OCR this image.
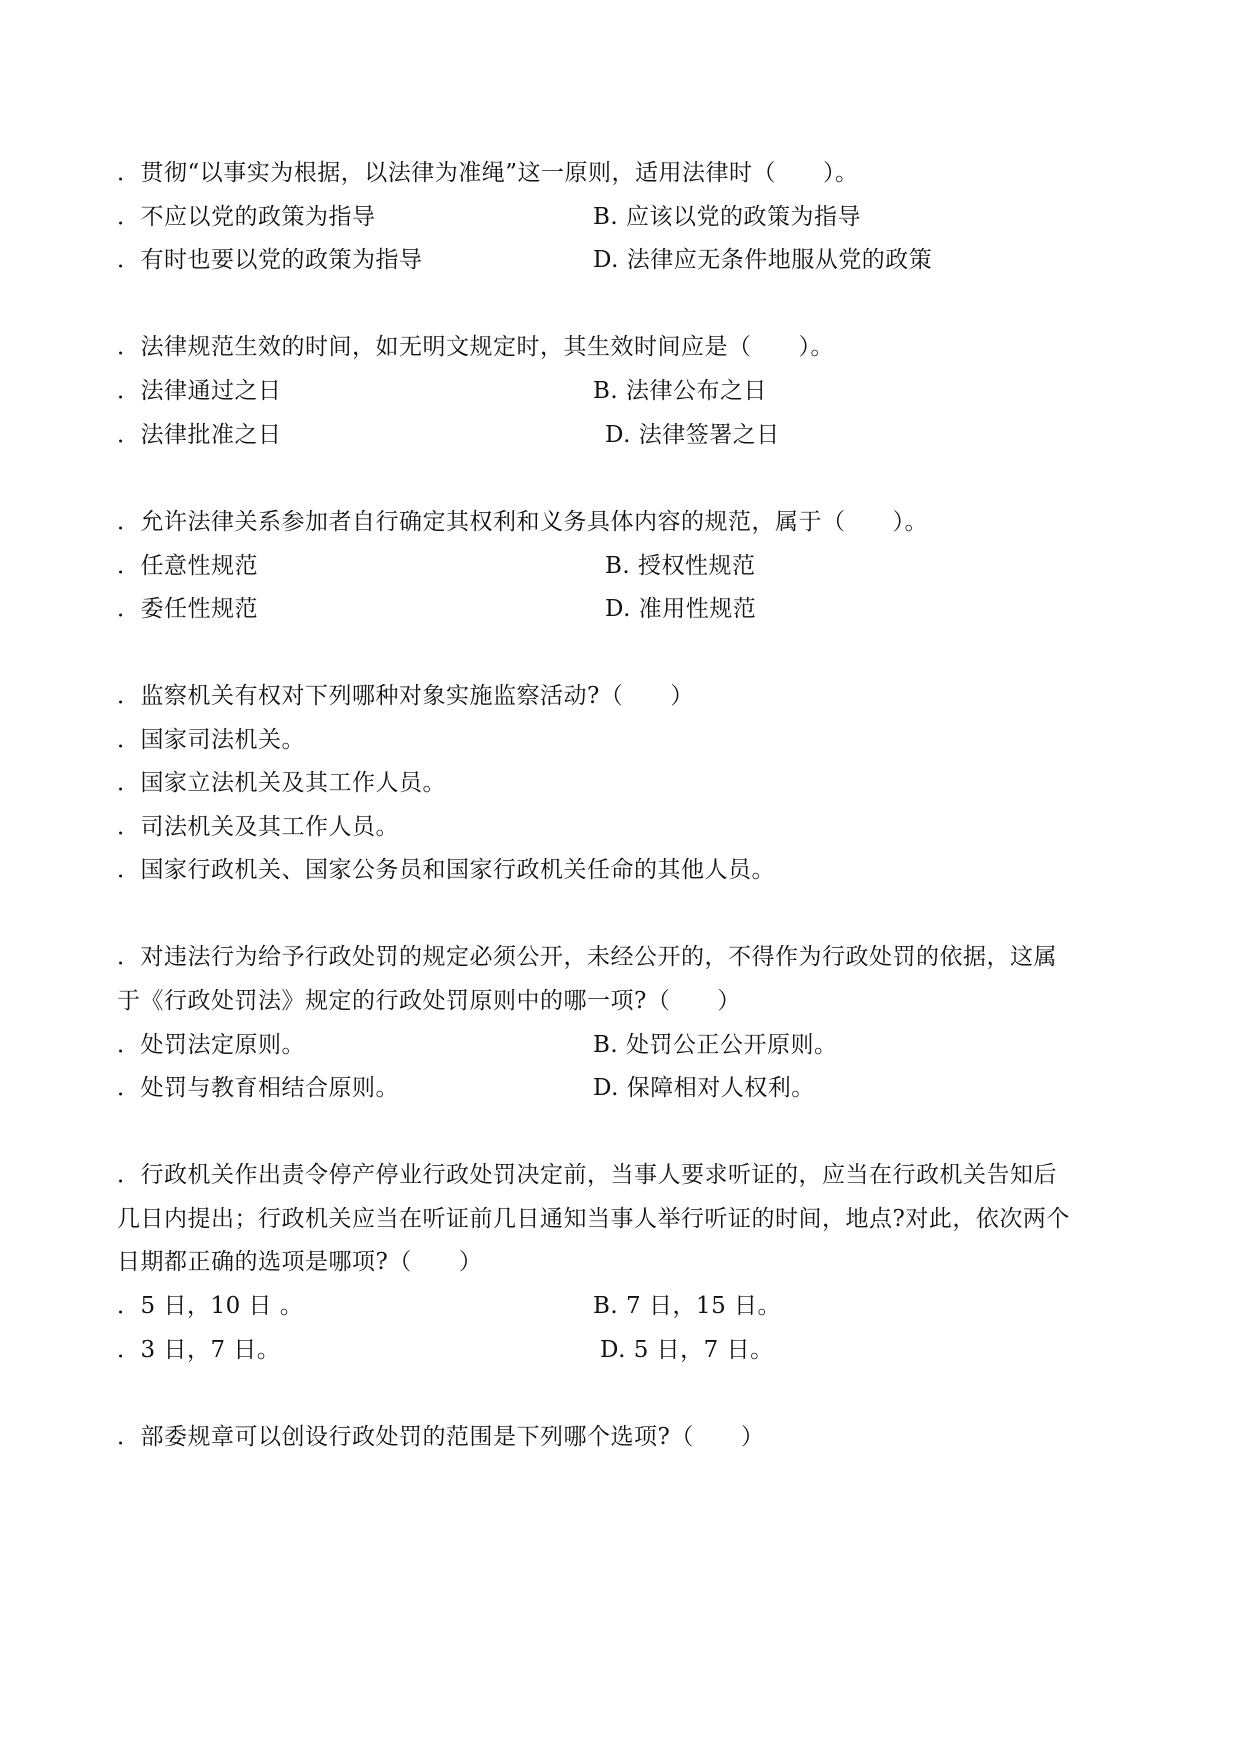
．贯彻“以事实为根据，以法律为准绳”这一原则，适用法律时（　　）。
．不应以党的政策为指导	B. 应该以党的政策为指导
．有时也要以党的政策为指导	D. 法律应无条件地服从党的政策
．法律规范生效的时间，如无明文规定时，其生效时间应是（　　）。
．法律通过之日	B. 法律公布之日
．法律批准之日	D. 法律签署之日
．允许法律关系参加者自行确定其权利和义务具体内容的规范，属于（　　）。
．任意性规范	B. 授权性规范
．委任性规范	D. 准用性规范
．监察机关有权对下列哪种对象实施监察活动?（　　）
．国家司法机关。
．国家立法机关及其工作人员。
．司法机关及其工作人员。
．国家行政机关、国家公务员和国家行政机关任命的其他人员。
．对违法行为给予行政处罚的规定必须公开，未经公开的，不得作为行政处罚的依据，这属
于《行政处罚法》规定的行政处罚原则中的哪一项?（　　）
．处罚法定原则。	B. 处罚公正公开原则。
．处罚与教育相结合原则。	D. 保障相对人权利。
．行政机关作出责令停产停业行政处罚决定前，当事人要求听证的，应当在行政机关告知后
几日内提出；行政机关应当在听证前几日通知当事人举行听证的时间，地点?对此，依次两个
日期都正确的选项是哪项?（　　）
．5 日，10 日 。	B. 7 日，15 日。
．3 日，7 日。	D. 5 日，7 日。
．部委规章可以创设行政处罚的范围是下列哪个选项?（　　）
